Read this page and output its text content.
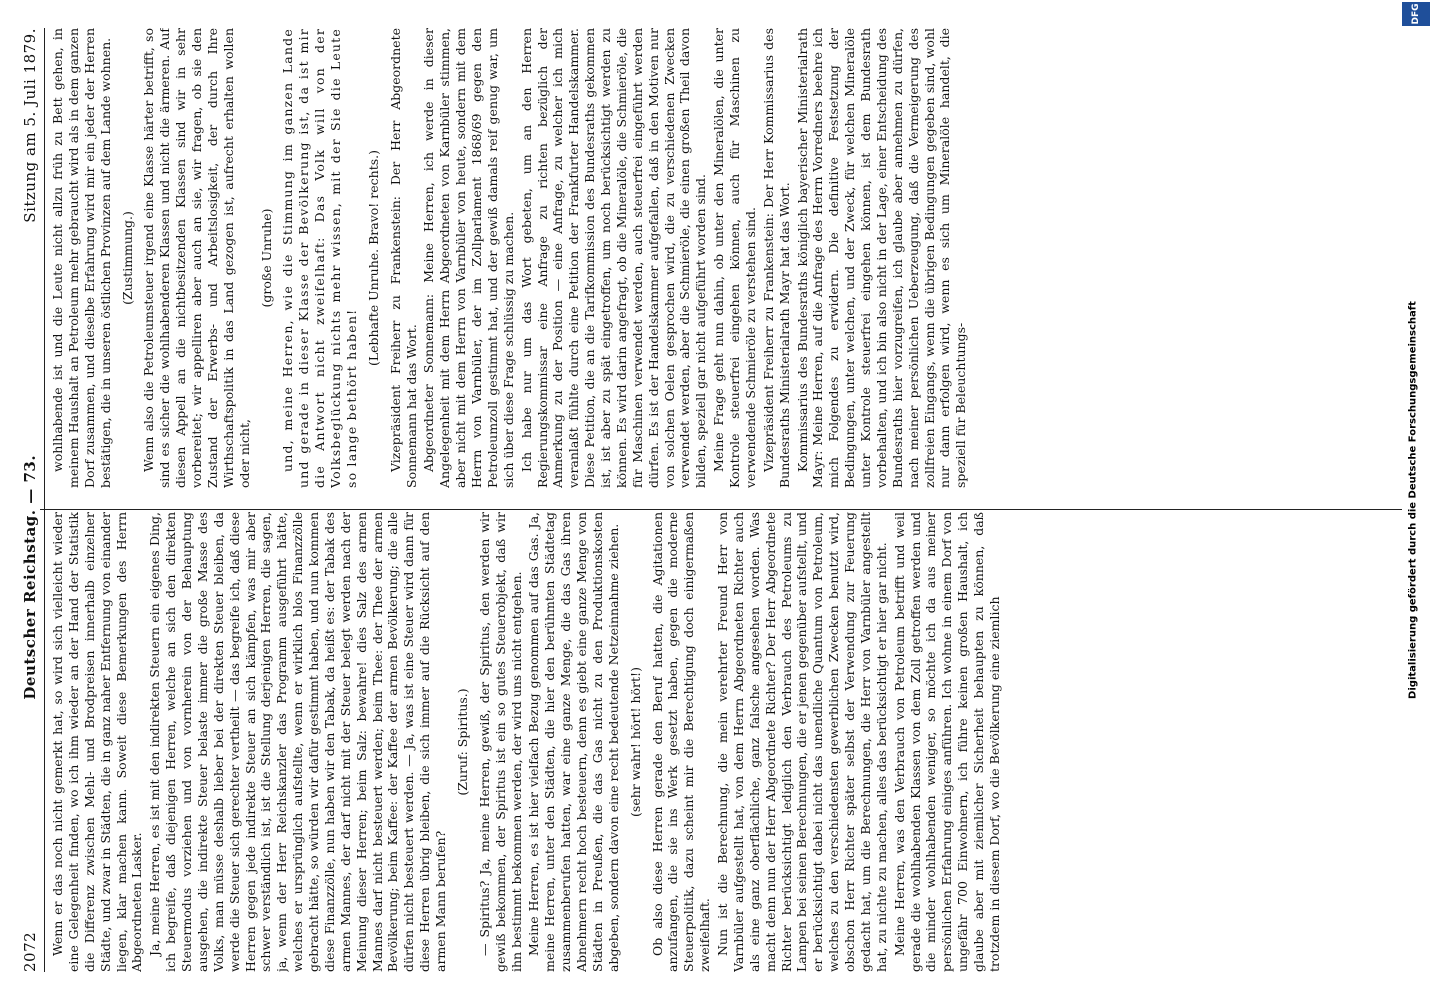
2072
Deutscher Reichstag. — 73.
Sitzung am 5. Juli 1879.

Wenn er das noch nicht gemerkt hat, so wird sich vielleicht wieder eine Gelegenheit finden, wo ich ihm wieder an der Hand der Statistik die Differenz zwischen Mehl- und Brodpreisen innerhalb einzelner Städte, und zwar in Städten, die in ganz naher Entfernung von einander liegen, klar machen kann. Soweit diese Bemerkungen des Herrn Abgeordneten Lasker. Ja, meine Herren, es ist mit den indirekten Steuern ein eigenes Ding, ich begreife, daß diejenigen Herren, welche an sich den direkten Steuermodus vorziehen und von vornherein von der Behauptung ausgehen, die indirekte Steuer belaste immer die große Masse des Volks, man müsse deshalb lieber bei der direkten Steuer bleiben, da werde die Steuer sich gerechter vertheilt — das begreife ich, daß diese Herren gegen jede indirekte Steuer an sich kämpfen, was mir aber schwer verständlich ist, ist die Stellung derjenigen Herren, die sagen, ja, wenn der Herr Reichskanzler das Programm ausgeführt hätte, welches er ursprünglich aufstellte, wenn er wirklich blos Finanzzölle gebracht hätte, so würden wir dafür gestimmt haben, und nun kommen diese Finanzzölle, nun haben wir den Tabak, da heißt es: der Tabak des armen Mannes, der darf nicht mit der Steuer belegt werden nach der Meinung dieser Herren; beim Salz: bewahre! dies Salz des armen Mannes darf nicht besteuert werden; beim Thee: der Thee der armen Bevölkerung; beim Kaffee: der Kaffee der armen Bevölkerung; die alle dürfen nicht besteuert werden. — Ja, was ist eine Steuer wird dann für diese Herren übrig bleiben, die sich immer auf die Rücksicht auf den armen Mann berufen?

(Zuruf: Spiritus.) — Spiritus? Ja, meine Herren, gewiß, der Spiritus, den werden wir gewiß bekommen, der Spiritus ist ein so gutes Steuerobjekt, daß wir ihn bestimmt bekommen werden, der wird uns nicht entgehen. Meine Herren, es ist hier vielfach Bezug genommen auf das Gas. Ja, meine Herren, unter den Städten, die hier den berühmten Städtetag zusammenberufen hatten, war eine ganze Menge, die das Gas ihren Abnehmern recht hoch besteuern, denn es giebt eine ganze Menge von Städten in Preußen, die das Gas nicht zu den Produktionskosten abgeben, sondern davon eine recht bedeutende Netzeinnahme ziehen. (sehr wahr! hört! hört!) Ob also diese Herren gerade den Beruf hatten, die Agitationen anzufangen, die sie ins Werk gesetzt haben, gegen die moderne Steuerpolitik, dazu scheint mir die Berechtigung doch einigermaßen zweifelhaft. Nun ist die Berechnung, die mein verehrter Freund Herr von Varnbüler aufgestellt hat, von dem Herrn Abgeordneten Richter auch als eine ganz oberflächliche, ganz falsche angesehen worden. Was macht denn nun der Herr Abgeordnete Richter? Der Herr Abgeordnete Richter berücksichtigt lediglich den Verbrauch des Petroleums zu Lampen bei seinen Berechnungen, die er jenen gegenüber aufstellt, und er berücksichtigt dabei nicht das unendliche Quantum von Petroleum, welches zu den verschiedensten gewerblichen Zwecken benutzt wird, obschon Herr Richter später selbst der Verwendung zur Feuerung gedacht hat, um die Berechnungen, die Herr von Varnbüler angestellt hat, zu nichte zu machen, alles das berücksichtigt er hier gar nicht. Meine Herren, was den Verbrauch von Petroleum betrifft und weil gerade die wohlhabenden Klassen von dem Zoll getroffen werden und die minder wohlhabenden weniger, so möchte ich da aus meiner persönlichen Erfahrung einiges anführen. Ich wohne in einem Dorf von ungefähr 700 Einwohnern, ich führe keinen großen Haushalt, ich glaube aber mit ziemlicher Sicherheit behaupten zu können, daß trotzdem in diesem Dorf, wo die Bevölkerung eine ziemlich

wohlhabende ist und die Leute nicht allzu früh zu Bett gehen, in meinem Haushalt an Petroleum mehr gebraucht wird als in dem ganzen Dorf zusammen, und dieselbe Erfahrung wird mir ein jeder der Herren bestätigen, die in unseren östlichen Provinzen auf dem Lande wohnen. (Zustimmung.) Wenn also die Petroleumsteuer irgend eine Klasse härter betrifft, so sind es sicher die wohlhabenderen Klassen und nicht die ärmeren. Auf diesen Appell an die nichtbesitzenden Klassen sind wir in sehr vorbereitet; wir appelliren aber auch an sie, wir fragen, ob sie den Zustand der Erwerbs- und Arbeitslosigkeit, der durch Ihre Wirthschaftspolitik in das Land gezogen ist, aufrecht erhalten wollen oder nicht,

(große Unruhe) und, meine Herren, wie die Stimmung im ganzen Lande und gerade in dieser Klasse der Bevölkerung ist, da ist mir die Antwort nicht zweifelhaft: Das Volk will von der Volksbeglückung nichts mehr wissen, mit der Sie die Leute so lange bethört haben!

(Lebhafte Unruhe. Bravo! rechts.) Vizepräsident Freiherr zu Frankenstein: Der Herr Abgeordnete Sonnemann hat das Wort. Abgeordneter Sonnemann: Meine Herren, ich werde in dieser Angelegenheit mit dem Herrn Abgeordneten von Karnbüler stimmen, aber nicht mit dem Herrn von Varnbüler von heute, sondern mit dem Herrn von Varnbüler, der im Zollparlament 1868/69 gegen den Petroleumzoll gestimmt hat, und der gewiß damals reif genug war, um sich über diese Frage schlüssig zu machen. Ich habe nur um das Wort gebeten, um an den Herren Regierungskommissar eine Anfrage zu richten bezüglich der Anmerkung zu der Position — eine Anfrage, zu welcher ich mich veranlaßt fühlte durch eine Petition der Frankfurter Handelskammer. Diese Petition, die an die Tarifkommission des Bundesraths gekommen ist, ist aber zu spät eingetroffen, um noch berücksichtigt werden zu können. Es wird darin angefragt, ob die Mineralöle, die Schmieröle, die für Maschinen verwendet werden, auch steuerfrei eingeführt werden dürfen. Es ist der Handelskammer aufgefallen, daß in den Motiven nur von solchen Oelen gesprochen wird, die zu verschiedenen Zwecken verwendet werden, aber die Schmieröle, die einen großen Theil davon bilden, speziell gar nicht aufgeführt worden sind. Meine Frage geht nun dahin, ob unter den Mineralölen, die unter Kontrole steuerfrei eingehen können, auch für Maschinen zu verwendende Schmieröle zu verstehen sind. Vizepräsident Freiherr zu Frankenstein: Der Herr Kommissarius des Bundesraths Ministerialrath Mayr hat das Wort. Kommissarius des Bundesraths königlich bayerischer Ministerialrath Mayr: Meine Herren, auf die Anfrage des Herrn Vorredners beehre ich mich Folgendes zu erwidern. Die definitive Festsetzung der Bedingungen, unter welchen, und der Zweck, für welchen Mineralöle unter Kontrole steuerfrei eingehen können, ist dem Bundesrath vorbehalten, und ich bin also nicht in der Lage, einer Entscheidung des Bundesraths hier vorzugreifen, ich glaube aber annehmen zu dürfen, nach meiner persönlichen Ueberzeugung, daß die Vermeigerung des zollfreien Eingangs, wenn die übrigen Bedingungen gegeben sind, wohl nur dann erfolgen wird, wenn es sich um Mineralöle handelt, die speziell für Beleuchtungs-	Digitalisierung gefördert durch die Deutsche Forschungsgemeinschaft
DFG
